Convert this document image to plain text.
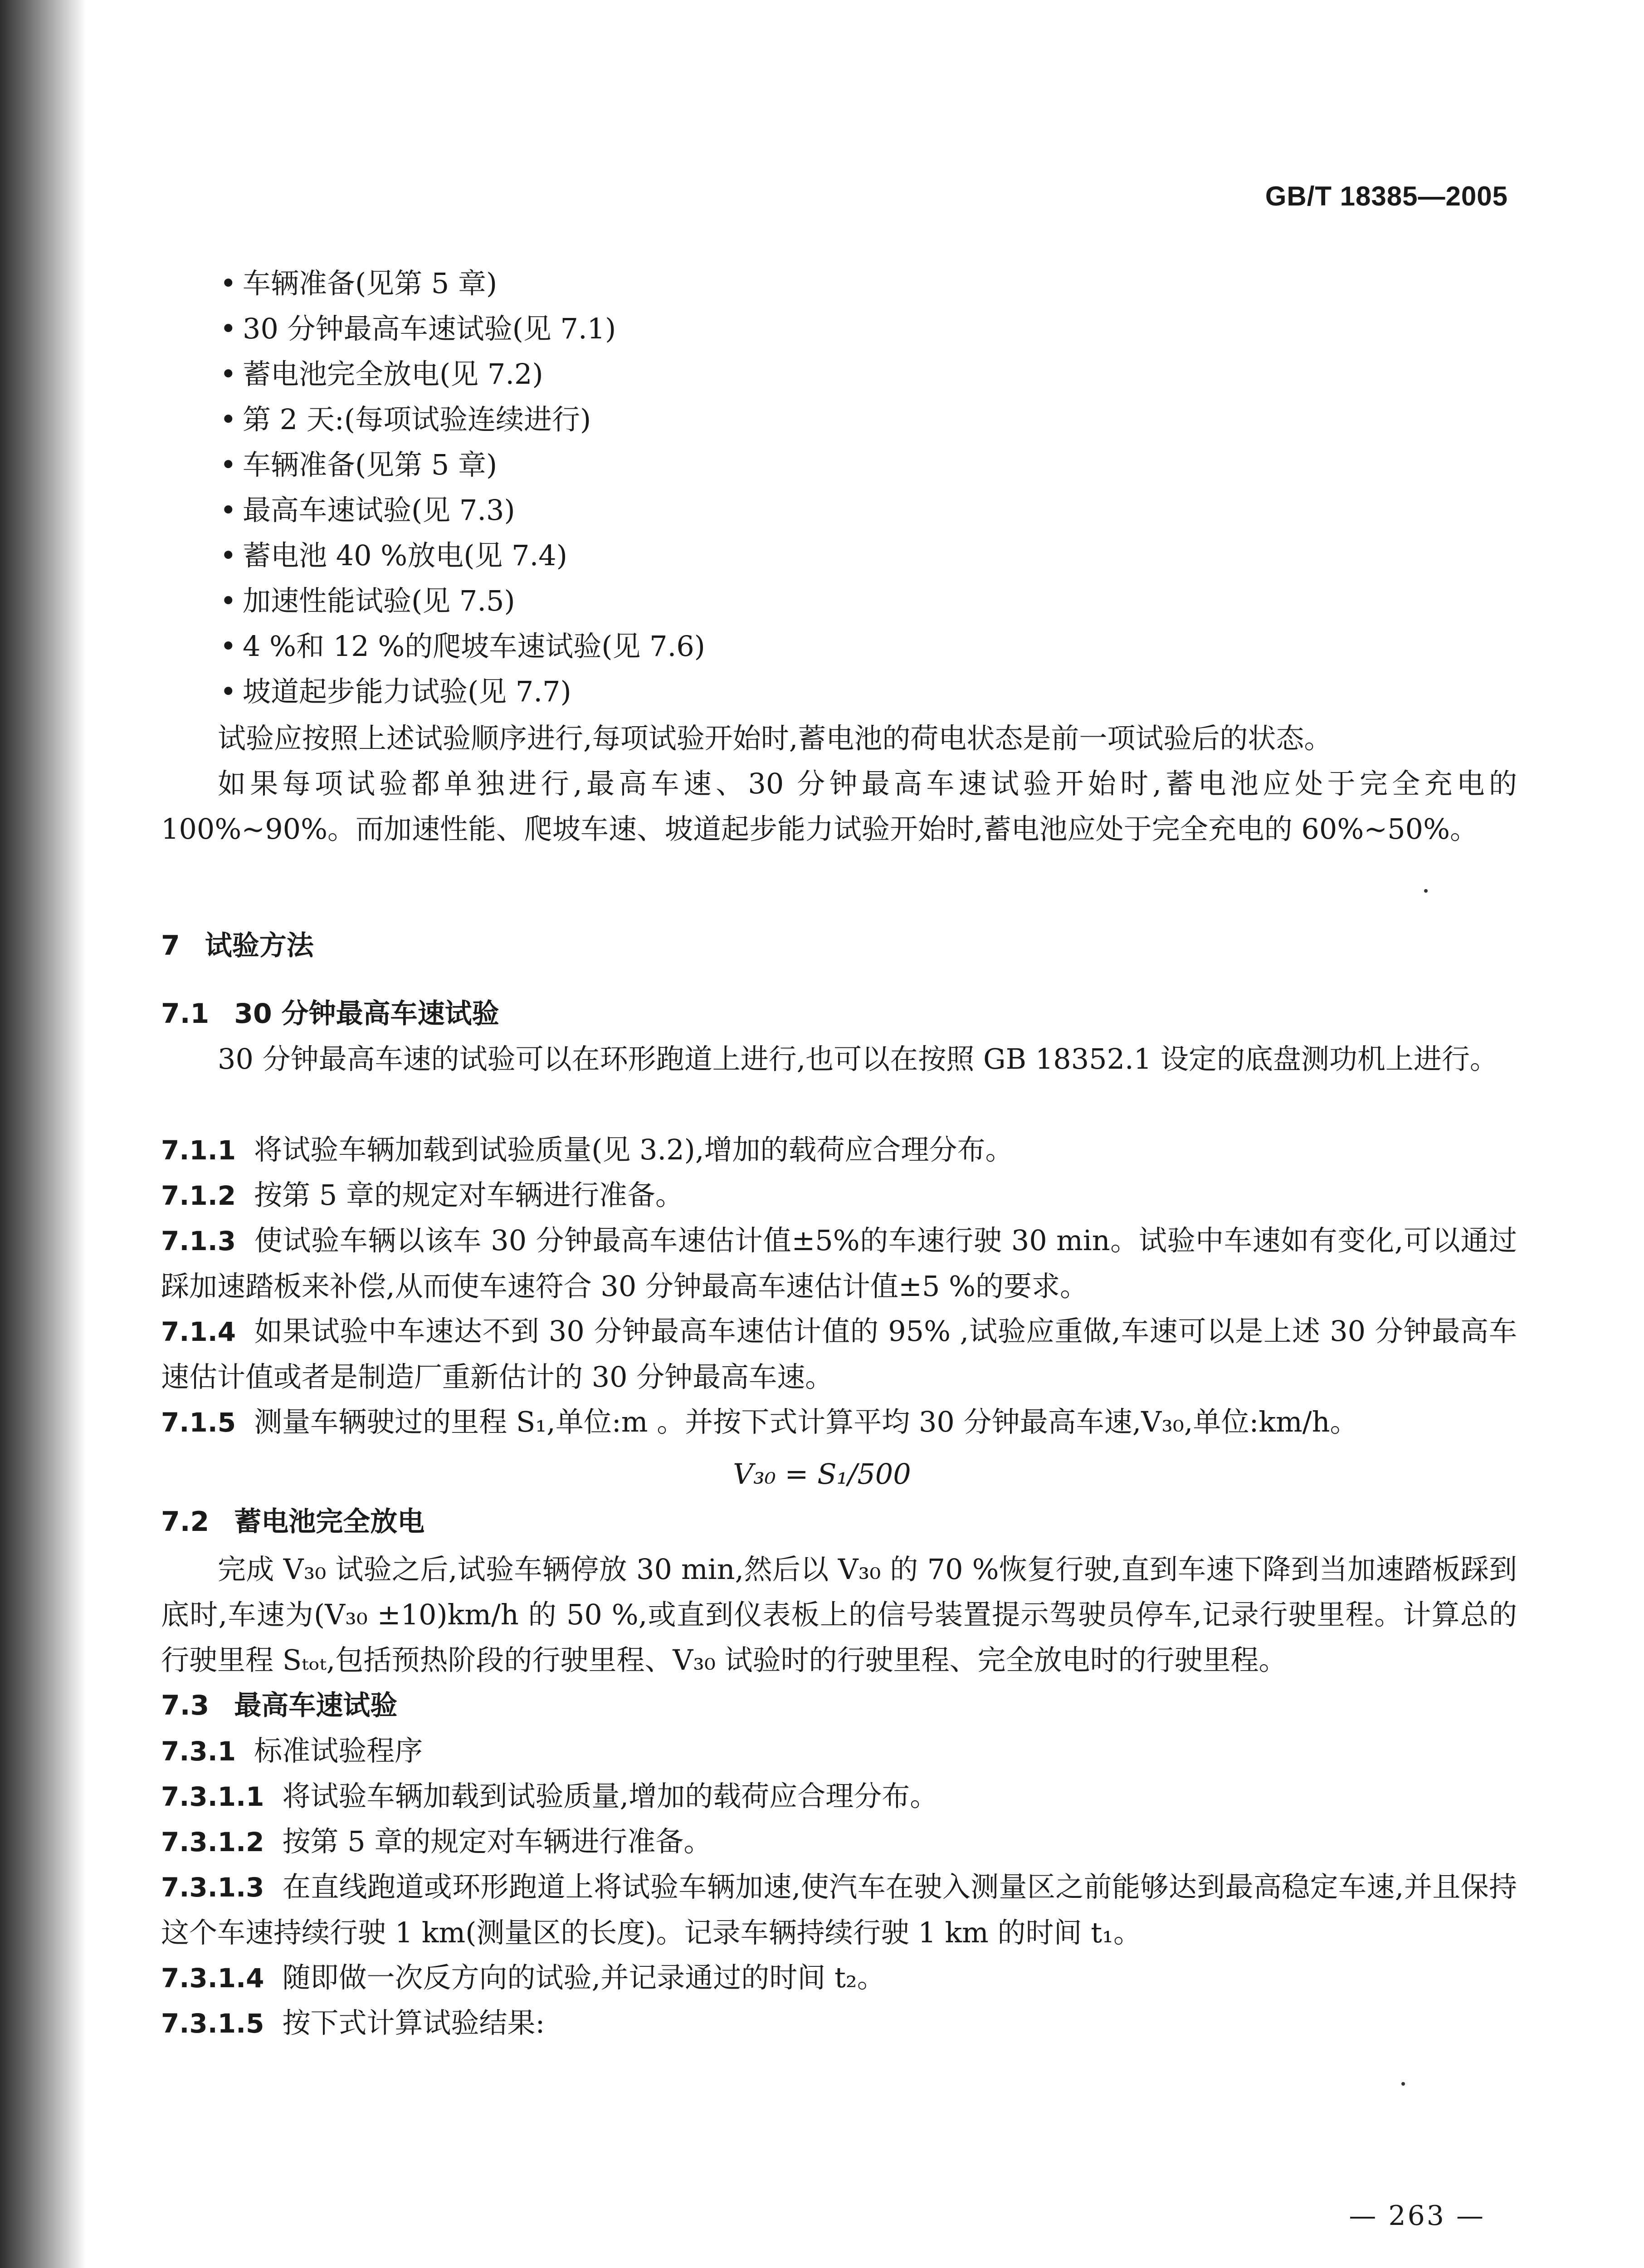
GB/T 18385—2005
• 车辆准备(见第 5 章)
• 30 分钟最高车速试验(见 7.1)
• 蓄电池完全放电(见 7.2)
• 第 2 天:(每项试验连续进行)
• 车辆准备(见第 5 章)
• 最高车速试验(见 7.3)
• 蓄电池 40 %放电(见 7.4)
• 加速性能试验(见 7.5)
• 4 %和 12 %的爬坡车速试验(见 7.6)
• 坡道起步能力试验(见 7.7)
试验应按照上述试验顺序进行,每项试验开始时,蓄电池的荷电状态是前一项试验后的状态。
如果每项试验都单独进行,最高车速、30 分钟最高车速试验开始时,蓄电池应处于完全充电的 100%~90%。而加速性能、爬坡车速、坡道起步能力试验开始时,蓄电池应处于完全充电的 60%~50%。
7 试验方法
7.1 30 分钟最高车速试验
30 分钟最高车速的试验可以在环形跑道上进行,也可以在按照 GB 18352.1 设定的底盘测功机上进行。
7.1.1 将试验车辆加载到试验质量(见 3.2),增加的载荷应合理分布。
7.1.2 按第 5 章的规定对车辆进行准备。
7.1.3 使试验车辆以该车 30 分钟最高车速估计值±5%的车速行驶 30 min。试验中车速如有变化,可以通过踩加速踏板来补偿,从而使车速符合 30 分钟最高车速估计值±5 %的要求。
7.1.4 如果试验中车速达不到 30 分钟最高车速估计值的 95% ,试验应重做,车速可以是上述 30 分钟最高车速估计值或者是制造厂重新估计的 30 分钟最高车速。
7.1.5 测量车辆驶过的里程 S₁,单位:m 。并按下式计算平均 30 分钟最高车速,V₃₀,单位:km/h。
V₃₀ = S₁/500
7.2 蓄电池完全放电
完成 V₃₀ 试验之后,试验车辆停放 30 min,然后以 V₃₀ 的 70 %恢复行驶,直到车速下降到当加速踏板踩到底时,车速为(V₃₀ ±10)km/h 的 50 %,或直到仪表板上的信号装置提示驾驶员停车,记录行驶里程。计算总的行驶里程 Sₜₒₜ,包括预热阶段的行驶里程、V₃₀ 试验时的行驶里程、完全放电时的行驶里程。
7.3 最高车速试验
7.3.1 标准试验程序
7.3.1.1 将试验车辆加载到试验质量,增加的载荷应合理分布。
7.3.1.2 按第 5 章的规定对车辆进行准备。
7.3.1.3 在直线跑道或环形跑道上将试验车辆加速,使汽车在驶入测量区之前能够达到最高稳定车速,并且保持这个车速持续行驶 1 km(测量区的长度)。记录车辆持续行驶 1 km 的时间 t₁。
7.3.1.4 随即做一次反方向的试验,并记录通过的时间 t₂。
7.3.1.5 按下式计算试验结果:
— 263 —
